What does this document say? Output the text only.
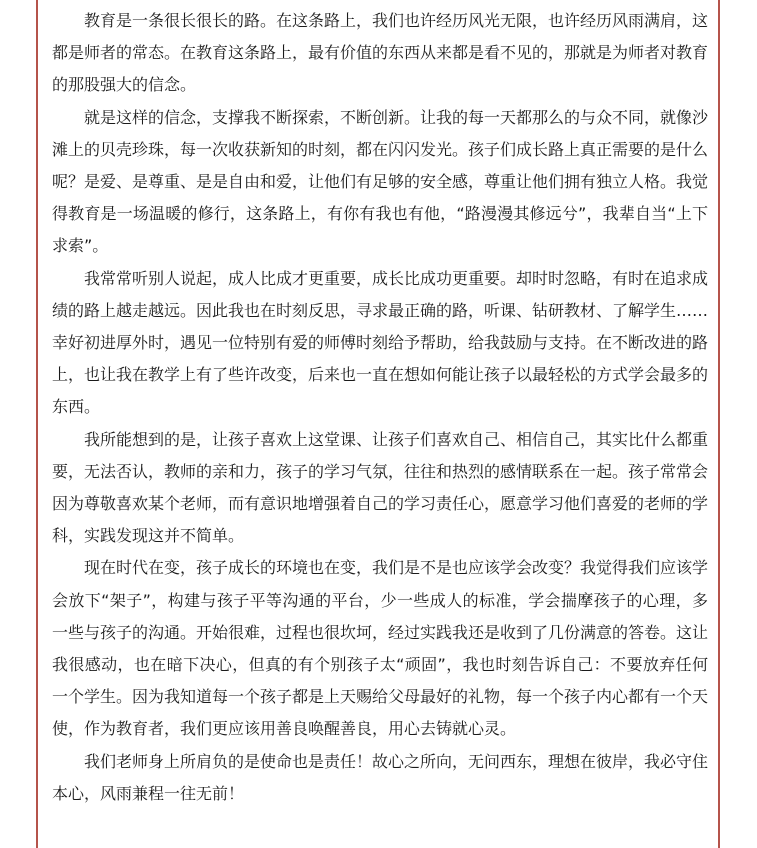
教育是一条很长很长的路。在这条路上，我们也许经历风光无限，也许经历风雨满肩，这都是师者的常态。在教育这条路上，最有价值的东西从来都是看不见的，那就是为师者对教育的那股强大的信念。

就是这样的信念，支撑我不断探索，不断创新。让我的每一天都那么的与众不同，就像沙滩上的贝壳珍珠，每一次收获新知的时刻，都在闪闪发光。孩子们成长路上真正需要的是什么呢？是爱、是尊重、是是自由和爱，让他们有足够的安全感，尊重让他们拥有独立人格。我觉得教育是一场温暖的修行，这条路上，有你有我也有他，“路漫漫其修远兮”，我辈自当“上下求索”。

我常常听别人说起，成人比成才更重要，成长比成功更重要。却时时忽略，有时在追求成绩的路上越走越远。因此我也在时刻反思，寻求最正确的路，听课、钻研教材、了解学生……幸好初进厚外时，遇见一位特别有爱的师傅时刻给予帮助，给我鼓励与支持。在不断改进的路上，也让我在教学上有了些许改变，后来也一直在想如何能让孩子以最轻松的方式学会最多的东西。

我所能想到的是，让孩子喜欢上这堂课、让孩子们喜欢自己、相信自己，其实比什么都重要，无法否认，教师的亲和力，孩子的学习气氛，往往和热烈的感情联系在一起。孩子常常会因为尊敬喜欢某个老师，而有意识地增强着自己的学习责任心，愿意学习他们喜爱的老师的学科，实践发现这并不简单。

现在时代在变，孩子成长的环境也在变，我们是不是也应该学会改变？我觉得我们应该学会放下“架子”，构建与孩子平等沟通的平台，少一些成人的标准，学会揣摩孩子的心理，多一些与孩子的沟通。开始很难，过程也很坎坷，经过实践我还是收到了几份满意的答卷。这让我很感动，也在暗下决心，但真的有个别孩子太“顽固”，我也时刻告诉自己：不要放弃任何一个学生。因为我知道每一个孩子都是上天赐给父母最好的礼物，每一个孩子内心都有一个天使，作为教育者，我们更应该用善良唤醒善良，用心去铸就心灵。

我们老师身上所肩负的是使命也是责任！故心之所向，无问西东，理想在彼岸，我必守住本心，风雨兼程一往无前！
